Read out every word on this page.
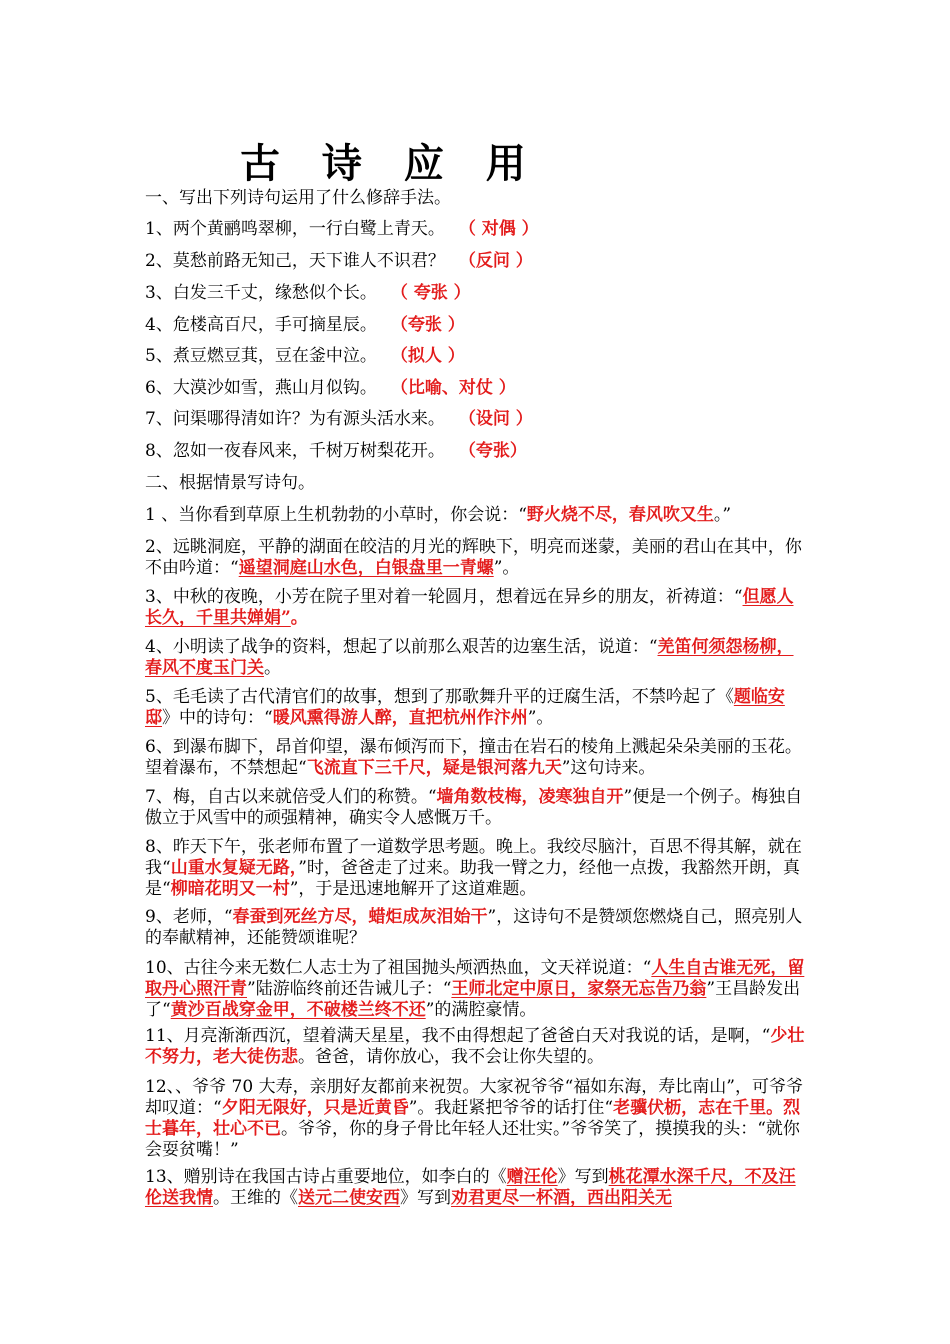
古 诗 应 用
一、写出下列诗句运用了什么修辞手法。
1、两个黄鹂鸣翠柳，一行白鹭上青天。 （ 对偶 ）
2、莫愁前路无知己，天下谁人不识君？ （反问 ）
3、白发三千丈，缘愁似个长。 （ 夸张 ）
4、危楼高百尺，手可摘星辰。 （夸张 ）
5、煮豆燃豆萁，豆在釜中泣。 （拟人 ）
6、大漠沙如雪，燕山月似钩。 （比喻、对仗 ）
7、问渠哪得清如许？为有源头活水来。 （设问 ）
8、忽如一夜春风来，千树万树梨花开。 （夸张）
二、根据情景写诗句。
1 、当你看到草原上生机勃勃的小草时，你会说：“野火烧不尽，春风吹又生。”
2、远眺洞庭，平静的湖面在皎洁的月光的辉映下，明亮而迷蒙，美丽的君山在其中，你不由吟道：“遥望洞庭山水色，白银盘里一青螺”。
3、中秋的夜晚，小芳在院子里对着一轮圆月，想着远在异乡的朋友，祈祷道：“但愿人长久，千里共婵娟”。
4、小明读了战争的资料，想起了以前那么艰苦的边塞生活，说道：“羌笛何须怨杨柳，春风不度玉门关。
5、毛毛读了古代清官们的故事，想到了那歌舞升平的迂腐生活，不禁吟起了《题临安邸》中的诗句：“暖风熏得游人醉，直把杭州作汴州”。
6、到瀑布脚下，昂首仰望，瀑布倾泻而下，撞击在岩石的棱角上溅起朵朵美丽的玉花。望着瀑布，不禁想起“飞流直下三千尺，疑是银河落九天”这句诗来。
7、梅，自古以来就倍受人们的称赞。“墙角数枝梅，凌寒独自开”便是一个例子。梅独自傲立于风雪中的顽强精神，确实令人感慨万千。
8、昨天下午，张老师布置了一道数学思考题。晚上。我绞尽脑汁，百思不得其解，就在我“山重水复疑无路，”时，爸爸走了过来。助我一臂之力，经他一点拨，我豁然开朗，真是“柳暗花明又一村”，于是迅速地解开了这道难题。
9、老师，“春蚕到死丝方尽，蜡炬成灰泪始干”，这诗句不是赞颂您燃烧自己，照亮别人的奉献精神，还能赞颂谁呢？
10、古往今来无数仁人志士为了祖国抛头颅洒热血，文天祥说道：“人生自古谁无死，留取丹心照汗青”陆游临终前还告诫儿子：“王师北定中原日，家祭无忘告乃翁”王昌龄发出了“黄沙百战穿金甲，不破楼兰终不还”的满腔豪情。
11、月亮渐渐西沉，望着满天星星，我不由得想起了爸爸白天对我说的话，是啊，“少壮不努力，老大徒伤悲。爸爸，请你放心，我不会让你失望的。
12、、爷爷 70 大寿，亲朋好友都前来祝贺。大家祝爷爷“福如东海，寿比南山”，可爷爷却叹道：“夕阳无限好，只是近黄昏”。我赶紧把爷爷的话打住“老骥伏枥，志在千里。烈士暮年，壮心不已。爷爷，你的身子骨比年轻人还壮实。”爷爷笑了，摸摸我的头：“就你会耍贫嘴！”
13、赠别诗在我国古诗占重要地位，如李白的《赠汪伦》写到桃花潭水深千尺，不及汪伦送我情。王维的《送元二使安西》写到劝君更尽一杯酒，西出阳关无
